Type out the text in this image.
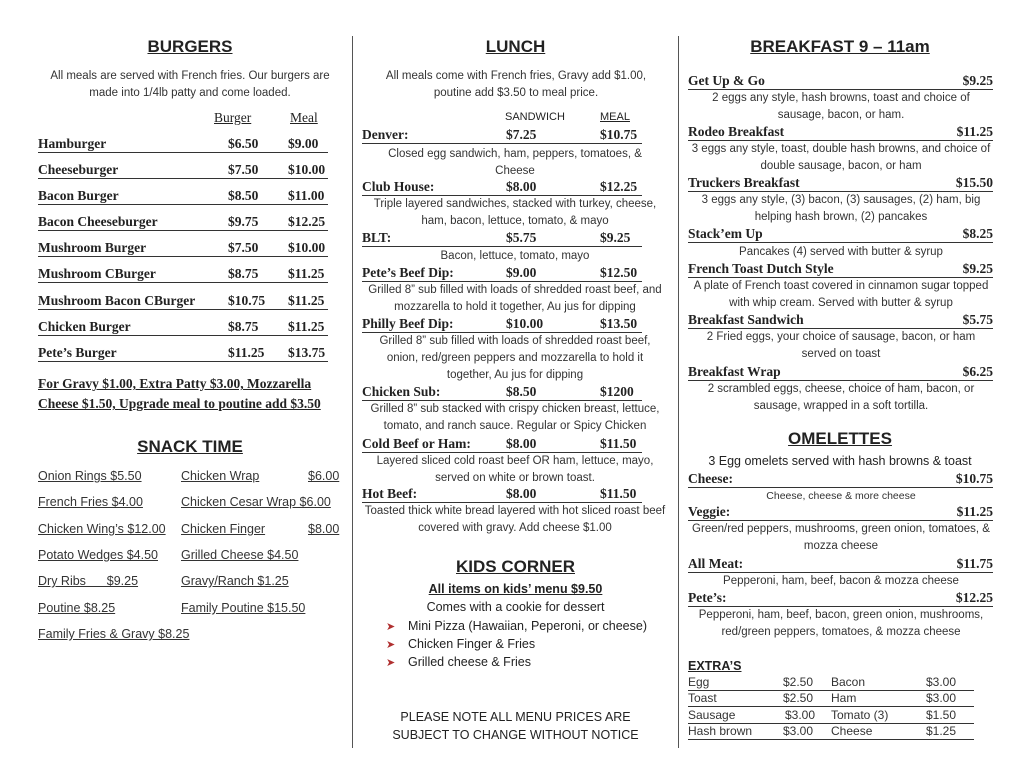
BURGERS
All meals are served with French fries. Our burgers are made into 1/4lb patty and come loaded.
Burger	Meal
Hamburger	$6.50 $9.00
Cheeseburger	$7.50 $10.00
Bacon Burger	$8.50 $11.00
Bacon Cheeseburger	$9.75 $12.25
Mushroom Burger	$7.50 $10.00
Mushroom CBurger	$8.75 $11.25
Mushroom Bacon CBurger $10.75 $11.25
Chicken Burger	$8.75 $11.25
Pete’s Burger	$11.25 $13.75
For Gravy $1.00, Extra Patty $3.00, Mozzarella Cheese $1.50, Upgrade meal to poutine add $3.50
SNACK TIME
Onion Rings $5.50	Chicken Wrap	$6.00
French Fries $4.00	Chicken Cesar Wrap $6.00
Chicken Wing’s $12.00 Chicken Finger	$8.00
Potato Wedges $4.50 Grilled Cheese $4.50
Dry Ribs      $9.25	Gravy/Ranch $1.25
Poutine $8.25	Family Poutine $15.50
Family Fries & Gravy $8.25
LUNCH
All meals come with French fries, Gravy add $1.00, poutine add $3.50 to meal price.
SANDWICH	MEAL
Denver:	$7.25	$10.75
Closed egg sandwich, ham, peppers, tomatoes, & Cheese
Club House:	$8.00	$12.25
Triple layered sandwiches, stacked with turkey, cheese, ham, bacon, lettuce, tomato, & mayo
BLT:	$5.75	$9.25
Bacon, lettuce, tomato, mayo
Pete’s Beef Dip:	$9.00	$12.50
Grilled 8” sub filled with loads of shredded roast beef, and mozzarella to hold it together, Au jus for dipping
Philly Beef Dip:	$10.00	$13.50
Grilled 8” sub filled with loads of shredded roast beef, onion, red/green peppers and mozzarella to hold it together, Au jus for dipping
Chicken Sub:	$8.50	$1200
Grilled 8” sub stacked with crispy chicken breast, lettuce, tomato, and ranch sauce. Regular or Spicy Chicken
Cold Beef or Ham:	$8.00	$11.50
Layered sliced cold roast beef OR ham, lettuce, mayo, served on white or brown toast.
Hot Beef:	$8.00	$11.50
Toasted thick white bread layered with hot sliced roast beef covered with gravy. Add cheese $1.00
KIDS CORNER
All items on kids’ menu $9.50
Comes with a cookie for dessert
➤ Mini Pizza (Hawaiian, Peperoni, or cheese)
➤ Chicken Finger & Fries
➤ Grilled cheese & Fries
PLEASE NOTE ALL MENU PRICES ARE
SUBJECT TO CHANGE WITHOUT NOTICE
BREAKFAST 9 – 11am
Get Up & Go	$9.25
2 eggs any style, hash browns, toast and choice of sausage, bacon, or ham.
Rodeo Breakfast	$11.25
3 eggs any style, toast, double hash browns, and choice of double sausage, bacon, or ham
Truckers Breakfast	$15.50
3 eggs any style, (3) bacon, (3) sausages, (2) ham, big helping hash brown, (2) pancakes
Stack’em Up	$8.25
Pancakes (4) served with butter & syrup
French Toast Dutch Style	$9.25
A plate of French toast covered in cinnamon sugar topped with whip cream. Served with butter & syrup
Breakfast Sandwich	$5.75
2 Fried eggs, your choice of sausage, bacon, or ham served on toast
Breakfast Wrap	$6.25
2 scrambled eggs, cheese, choice of ham, bacon, or sausage, wrapped in a soft tortilla.
OMELETTES
3 Egg omelets served with hash browns & toast
Cheese:	$10.75
Cheese, cheese & more cheese
Veggie:	$11.25
Green/red peppers, mushrooms, green onion, tomatoes, & mozza cheese
All Meat:	$11.75
Pepperoni, ham, beef, bacon & mozza cheese
Pete’s:	$12.25
Pepperoni, ham, beef, bacon, green onion, mushrooms, red/green peppers, tomatoes, & mozza cheese
EXTRA’S
Egg	$2.50 Bacon	$3.00
Toast	$2.50 Ham	$3.00
Sausage	$3.00 Tomato (3)	$1.50
Hash brown	$3.00 Cheese	$1.25
